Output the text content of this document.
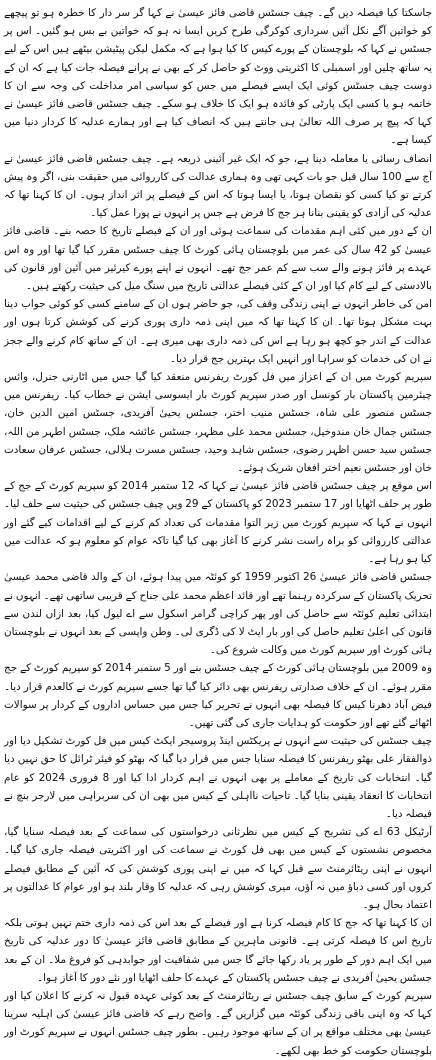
جاسکتا کیا فیصلہ دیں گے۔ چیف جسٹس قاضی فائز عیسیٰ نے کہا گر سر دار کا خطرہ ہو تو پیچھے کو خواتین آگے نکل آئیں سرداری کوکرگی طرح کریں ایسا نہ ہو کہ خواتین بے بس ہو گئیں۔ اس پر جسٹس نے کہا کہ بلوچستان کے پورے کیس کا کیا ہوا ہے کہ مکمل لیکن پیٹیشن بیٹھے ہیں اس کے لیے یہ ساتھ چلیں اور اسمبلی کا اکثریتی ووٹ کو حاصل کر کے بھی نے پرانے فیصلہ جات کیا ہے کہ ان کے دوست چیف جسٹس کوئی ایک ایسے فیصلے میں جس کو سیاسی امر مداخلت کی وجہ سے ان کا خاتمہ ہو یا کسی ایک پارٹی کو فائدہ ہو ایک کا خلاف ہو سکے۔ چیف جسٹس قاضی فائز عیسیٰ نے کہا کہ پیچ پر صرف اللہ تعالیٰ ہی جانتے ہیں کہ انصاف کیا ہے اور ہمارے عدلیہ کا کردار دنیا میں کیسا ہے۔

انصاف رسائی یا معاملہ دینا ہے، جو کہ ایک غیر آئینی ذریعہ ہے۔ چیف جسٹس قاضی فائز عیسیٰ نے آج سے 100 سال قبل جو بات کہی تھی وہ ہماری عدالت کی کارروائی میں حقیقت بنی، اگر وہ پیش کرتے تو کیا کسی کو نقصان ہوتا، یا ایسا ہوتا کہ اس کے فیصلے پر اثر انداز ہوں۔ ان کا کہنا تھا کہ عدلیہ کی آزادی کو یقینی بنانا ہر جج کا فرض ہے جس پر انہوں نے پورا عمل کیا۔

ان کے دور میں کئی اہم مقدمات کی سماعت ہوئی اور ان کے فیصلے تاریخ کا حصہ بنے۔ قاضی فائز عیسیٰ کو 42 سال کی عمر میں بلوچستان ہائی کورٹ کا چیف جسٹس مقرر کیا گیا تھا اور وہ اس عہدے پر فائز ہونے والے سب سے کم عمر جج تھے۔ انہوں نے اپنے پورے کیرئیر میں آئین اور قانون کی بالادستی کے لیے کام کیا اور ان کے کئی فیصلے عدالتی تاریخ میں سنگ میل کی حیثیت رکھتے ہیں۔

امن کی خاطر انہوں نے اپنی زندگی وقف کی، جو حاضر ہوں ان کے سامنے کسی کو کوئی جواب دینا بہت مشکل ہوتا تھا۔ ان کا کہنا تھا کہ میں اپنی ذمہ داری پوری کرنے کی کوشش کرتا ہوں اور عدالت کے اندر جو کچھ ہو رہا ہے اس کی ذمہ داری بھی میری ہے۔ ان کے ساتھ کام کرنے والے ججز نے ان کی خدمات کو سراہا اور انہیں ایک بہترین جج قرار دیا۔

سپریم کورٹ میں ان کے اعزاز میں فل کورٹ ریفرنس منعقد کیا گیا جس میں اٹارنی جنرل، وائس چیئرمین پاکستان بار کونسل اور صدر سپریم کورٹ بار ایسوسی ایشن نے خطاب کیا۔ ریفرنس میں جسٹس منصور علی شاہ، جسٹس منیب اختر، جسٹس یحییٰ آفریدی، جسٹس امین الدین خان، جسٹس جمال خان مندوخیل، جسٹس محمد علی مظہر، جسٹس عائشہ ملک، جسٹس اطہر من اللہ، جسٹس سید حسن اظہر رضوی، جسٹس شاہد وحید، جسٹس مسرت ہلالی، جسٹس عرفان سعادت خان اور جسٹس نعیم اختر افغان شریک ہوئے۔

اس موقع پر چیف جسٹس قاضی فائز عیسیٰ نے کہا کہ 12 ستمبر 2014 کو سپریم کورٹ کے جج کے طور پر حلف اٹھایا اور 17 ستمبر 2023 کو پاکستان کے 29 ویں چیف جسٹس کی حیثیت سے حلف لیا۔ انہوں نے کہا کہ سپریم کورٹ میں زیر التوا مقدمات کی تعداد کم کرنے کے لیے اقدامات کیے گئے اور عدالتی کارروائی کو براہ راست نشر کرنے کا آغاز بھی کیا گیا تاکہ عوام کو معلوم ہو کہ عدالت میں کیا ہو رہا ہے۔

جسٹس قاضی فائز عیسیٰ 26 اکتوبر 1959 کو کوئٹہ میں پیدا ہوئے، ان کے والد قاضی محمد عیسیٰ تحریک پاکستان کے سرکردہ رہنما تھے اور قائد اعظم محمد علی جناح کے قریبی ساتھی تھے۔ انہوں نے ابتدائی تعلیم کوئٹہ سے حاصل کی اور پھر کراچی گرامر اسکول سے اے لیول کیا، بعد ازاں لندن سے قانون کی اعلیٰ تعلیم حاصل کی اور بار ایٹ لا کی ڈگری لی۔ وطن واپسی کے بعد انہوں نے بلوچستان ہائی کورٹ اور سپریم کورٹ میں وکالت شروع کی۔

وہ 2009 میں بلوچستان ہائی کورٹ کے چیف جسٹس بنے اور 5 ستمبر 2014 کو سپریم کورٹ کے جج مقرر ہوئے۔ ان کے خلاف صدارتی ریفرنس بھی دائر کیا گیا تھا جسے سپریم کورٹ نے کالعدم قرار دیا۔ فیض آباد دھرنا کیس کا فیصلہ بھی انہوں نے تحریر کیا جس میں حساس اداروں کے کردار پر سوالات اٹھائے گئے تھے اور حکومت کو ہدایات جاری کی گئی تھیں۔

چیف جسٹس کی حیثیت سے انہوں نے پریکٹس اینڈ پروسیجر ایکٹ کیس میں فل کورٹ تشکیل دیا اور ذوالفقار علی بھٹو ریفرنس کا فیصلہ سنایا جس میں قرار دیا گیا کہ بھٹو کو فیئر ٹرائل کا حق نہیں دیا گیا۔ انتخابات کی تاریخ کے معاملے پر بھی انہوں نے اہم کردار ادا کیا اور 8 فروری 2024 کو عام انتخابات کا انعقاد یقینی بنایا گیا۔ تاحیات نااہلی کے کیس میں بھی ان کی سربراہی میں لارجر بنچ نے فیصلہ دیا۔

آرٹیکل 63 اے کی تشریح کے کیس میں نظرثانی درخواستوں کی سماعت کے بعد فیصلہ سنایا گیا، مخصوص نشستوں کے کیس میں بھی فل کورٹ نے سماعت کی اور اکثریتی فیصلہ جاری کیا گیا۔ انہوں نے اپنی ریٹائرمنٹ سے قبل کہا کہ میں نے اپنی پوری کوشش کی کہ آئین کے مطابق فیصلے کروں اور کسی دباؤ میں نہ آؤں، میری کوشش رہی کہ عدلیہ کا وقار بلند ہو اور عوام کا عدالتوں پر اعتماد بحال ہو۔

ان کا کہنا تھا کہ جج کا کام فیصلہ کرنا ہے اور فیصلے کے بعد اس کی ذمہ داری ختم نہیں ہوتی بلکہ تاریخ اس کا فیصلہ کرتی ہے۔ قانونی ماہرین کے مطابق قاضی فائز عیسیٰ کا دور عدلیہ کی تاریخ میں ایک اہم دور کے طور پر یاد رکھا جائے گا جس میں شفافیت اور جوابدہی کو فروغ ملا۔ ان کے بعد جسٹس یحییٰ آفریدی نے چیف جسٹس پاکستان کے عہدے کا حلف اٹھایا اور نئے دور کا آغاز ہوا۔

سپریم کورٹ کے سابق چیف جسٹس نے ریٹائرمنٹ کے بعد کوئی عہدہ قبول نہ کرنے کا اعلان کیا اور کہا کہ وہ اپنی باقی زندگی کوئٹہ میں گزاریں گے۔ واضح رہے کہ قاضی فائز عیسیٰ کی اہلیہ سرینا عیسیٰ بھی مختلف مواقع پر ان کے ساتھ موجود رہیں۔ بطور چیف جسٹس انہوں نے سپریم کورٹ اور بلوچستان حکومت کو خط بھی لکھے۔
